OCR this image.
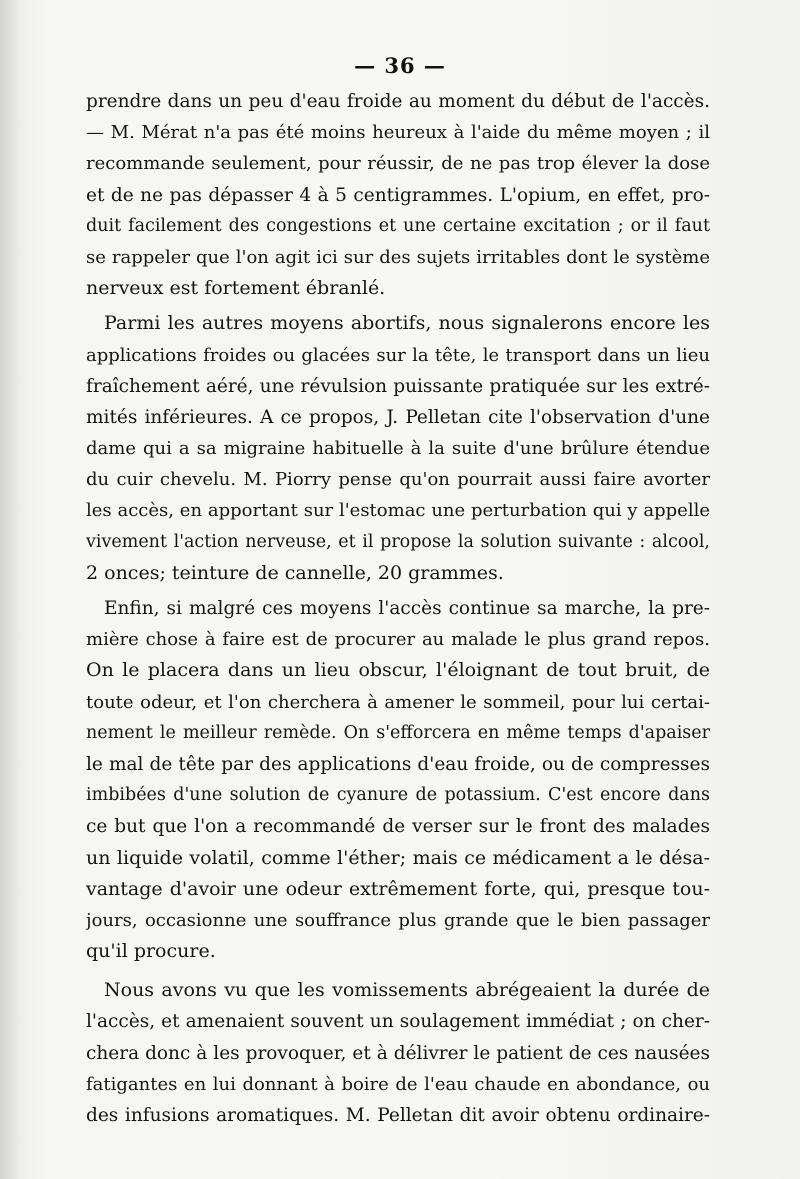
— 36 —
prendre dans un peu d'eau froide au moment du début de l'accès.
— M. Mérat n'a pas été moins heureux à l'aide du même moyen ; il
recommande seulement, pour réussir, de ne pas trop élever la dose
et de ne pas dépasser 4 à 5 centigrammes. L'opium, en effet, pro-
duit facilement des congestions et une certaine excitation ; or il faut
se rappeler que l'on agit ici sur des sujets irritables dont le système
nerveux est fortement ébranlé.
Parmi les autres moyens abortifs, nous signalerons encore les
applications froides ou glacées sur la tête, le transport dans un lieu
fraîchement aéré, une révulsion puissante pratiquée sur les extré-
mités inférieures. A ce propos, J. Pelletan cite l'observation d'une
dame qui a sa migraine habituelle à la suite d'une brûlure étendue
du cuir chevelu. M. Piorry pense qu'on pourrait aussi faire avorter
les accès, en apportant sur l'estomac une perturbation qui y appelle
vivement l'action nerveuse, et il propose la solution suivante : alcool,
2 onces; teinture de cannelle, 20 grammes.
Enfin, si malgré ces moyens l'accès continue sa marche, la pre-
mière chose à faire est de procurer au malade le plus grand repos.
On le placera dans un lieu obscur, l'éloignant de tout bruit, de
toute odeur, et l'on cherchera à amener le sommeil, pour lui certai-
nement le meilleur remède. On s'efforcera en même temps d'apaiser
le mal de tête par des applications d'eau froide, ou de compresses
imbibées d'une solution de cyanure de potassium. C'est encore dans
ce but que l'on a recommandé de verser sur le front des malades
un liquide volatil, comme l'éther; mais ce médicament a le désa-
vantage d'avoir une odeur extrêmement forte, qui, presque tou-
jours, occasionne une souffrance plus grande que le bien passager
qu'il procure.
Nous avons vu que les vomissements abrégeaient la durée de
l'accès, et amenaient souvent un soulagement immédiat ; on cher-
chera donc à les provoquer, et à délivrer le patient de ces nausées
fatigantes en lui donnant à boire de l'eau chaude en abondance, ou
des infusions aromatiques. M. Pelletan dit avoir obtenu ordinaire-
